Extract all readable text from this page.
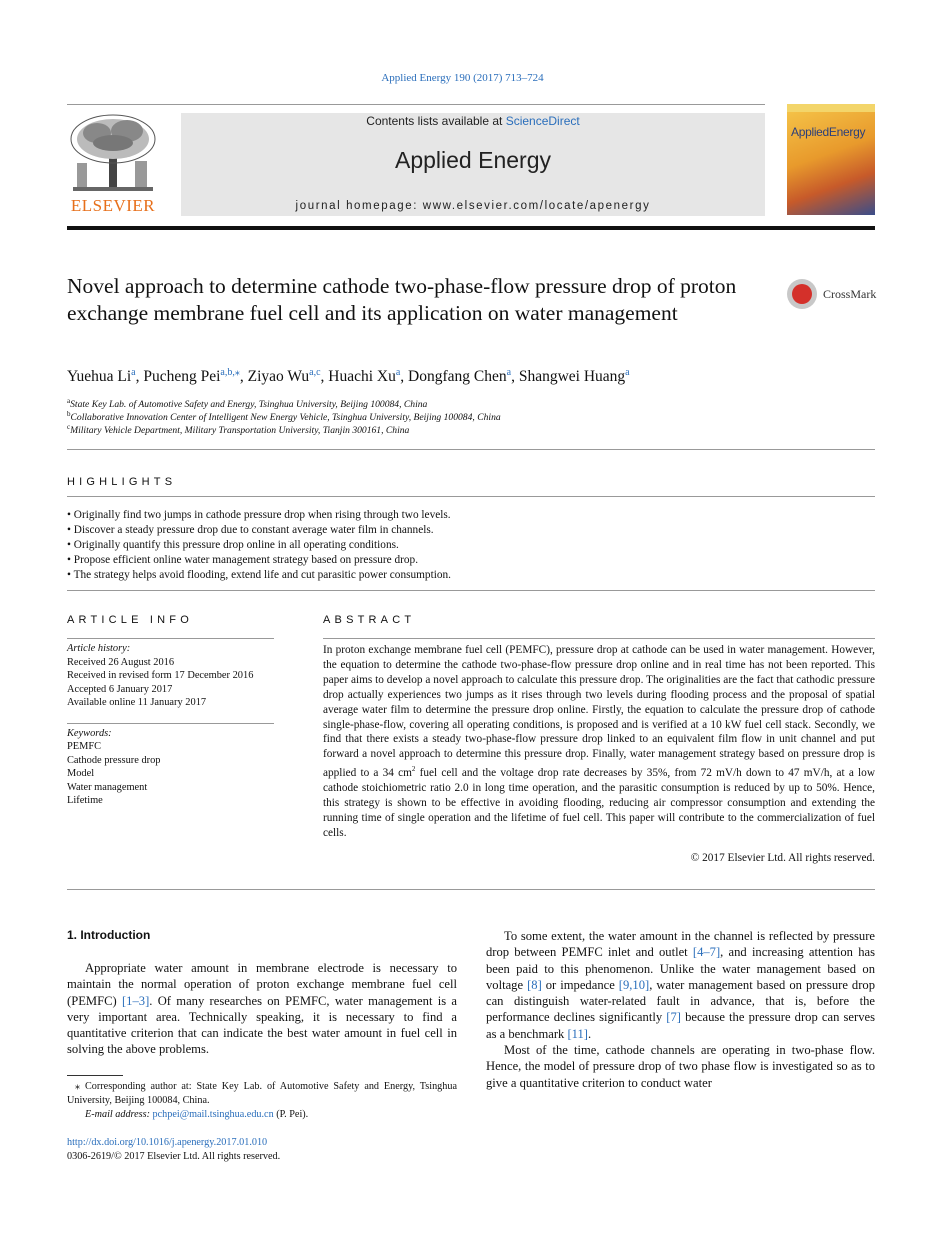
Applied Energy 190 (2017) 713–724
ELSEVIER
Contents lists available at ScienceDirect
Applied Energy
journal homepage: www.elsevier.com/locate/apenergy
AppliedEnergy
Novel approach to determine cathode two-phase-flow pressure drop of proton exchange membrane fuel cell and its application on water management
CrossMark
Yuehua Li$^a$, Pucheng Pei$^{a,b,⁎}$, Ziyao Wu$^{a,c}$, Huachi Xu$^a$, Dongfang Chen$^a$, Shangwei Huang$^a$
$^a$State Key Lab. of Automotive Safety and Energy, Tsinghua University, Beijing 100084, China
$^b$Collaborative Innovation Center of Intelligent New Energy Vehicle, Tsinghua University, Beijing 100084, China
$^c$Military Vehicle Department, Military Transportation University, Tianjin 300161, China
HIGHLIGHTS
• Originally find two jumps in cathode pressure drop when rising through two levels.
• Discover a steady pressure drop due to constant average water film in channels.
• Originally quantify this pressure drop online in all operating conditions.
• Propose efficient online water management strategy based on pressure drop.
• The strategy helps avoid flooding, extend life and cut parasitic power consumption.
ARTICLE INFO
Article history:
Received 26 August 2016
Received in revised form 17 December 2016
Accepted 6 January 2017
Available online 11 January 2017
Keywords:
PEMFC
Cathode pressure drop
Model
Water management
Lifetime
ABSTRACT
In proton exchange membrane fuel cell (PEMFC), pressure drop at cathode can be used in water management. However, the equation to determine the cathode two-phase-flow pressure drop online and in real time has not been reported. This paper aims to develop a novel approach to calculate this pressure drop. The originalities are the fact that cathodic pressure drop actually experiences two jumps as it rises through two levels during flooding process and the proposal of spatial average water film to determine the pressure drop online. Firstly, the equation to calculate the pressure drop of cathode single-phase-flow, covering all operating conditions, is proposed and is verified at a 10 kW fuel cell stack. Secondly, we find that there exists a steady two-phase-flow pressure drop linked to an equivalent film flow in unit channel and put forward a novel approach to determine this pressure drop. Finally, water management strategy based on pressure drop is applied to a 34 $cm^2$ fuel cell and the voltage drop rate decreases by 35%, from 72 mV/h down to 47 mV/h, at a low cathode stoichiometric ratio 2.0 in long time operation, and the parasitic consumption is reduced by up to 50%. Hence, this strategy is shown to be effective in avoiding flooding, reducing air compressor consumption and extending the running time of single operation and the lifetime of fuel cell. This paper will contribute to the commercialization of fuel cells.
© 2017 Elsevier Ltd. All rights reserved.
1. Introduction

Appropriate water amount in membrane electrode is necessary to maintain the normal operation of proton exchange membrane fuel cell (PEMFC) [1–3]. Of many researches on PEMFC, water management is a very important area. Technically speaking, it is necessary to find a quantitative criterion that can indicate the best water amount in fuel cell in solving the above problems.

To some extent, the water amount in the channel is reflected by pressure drop between PEMFC inlet and outlet [4–7], and increasing attention has been paid to this phenomenon. Unlike the water management based on voltage [8] or impedance [9,10], water management based on pressure drop can distinguish water-related fault in advance, that is, before the performance declines significantly [7] because the pressure drop can serves as a benchmark [11].

Most of the time, cathode channels are operating in two-phase flow. Hence, the model of pressure drop of two phase flow is investigated so as to give a quantitative criterion to conduct water

⁎ Corresponding author at: State Key Lab. of Automotive Safety and Energy, Tsinghua University, Beijing 100084, China.
E-mail address: pchpei@mail.tsinghua.edu.cn (P. Pei).
http://dx.doi.org/10.1016/j.apenergy.2017.01.010
0306-2619/© 2017 Elsevier Ltd. All rights reserved.
